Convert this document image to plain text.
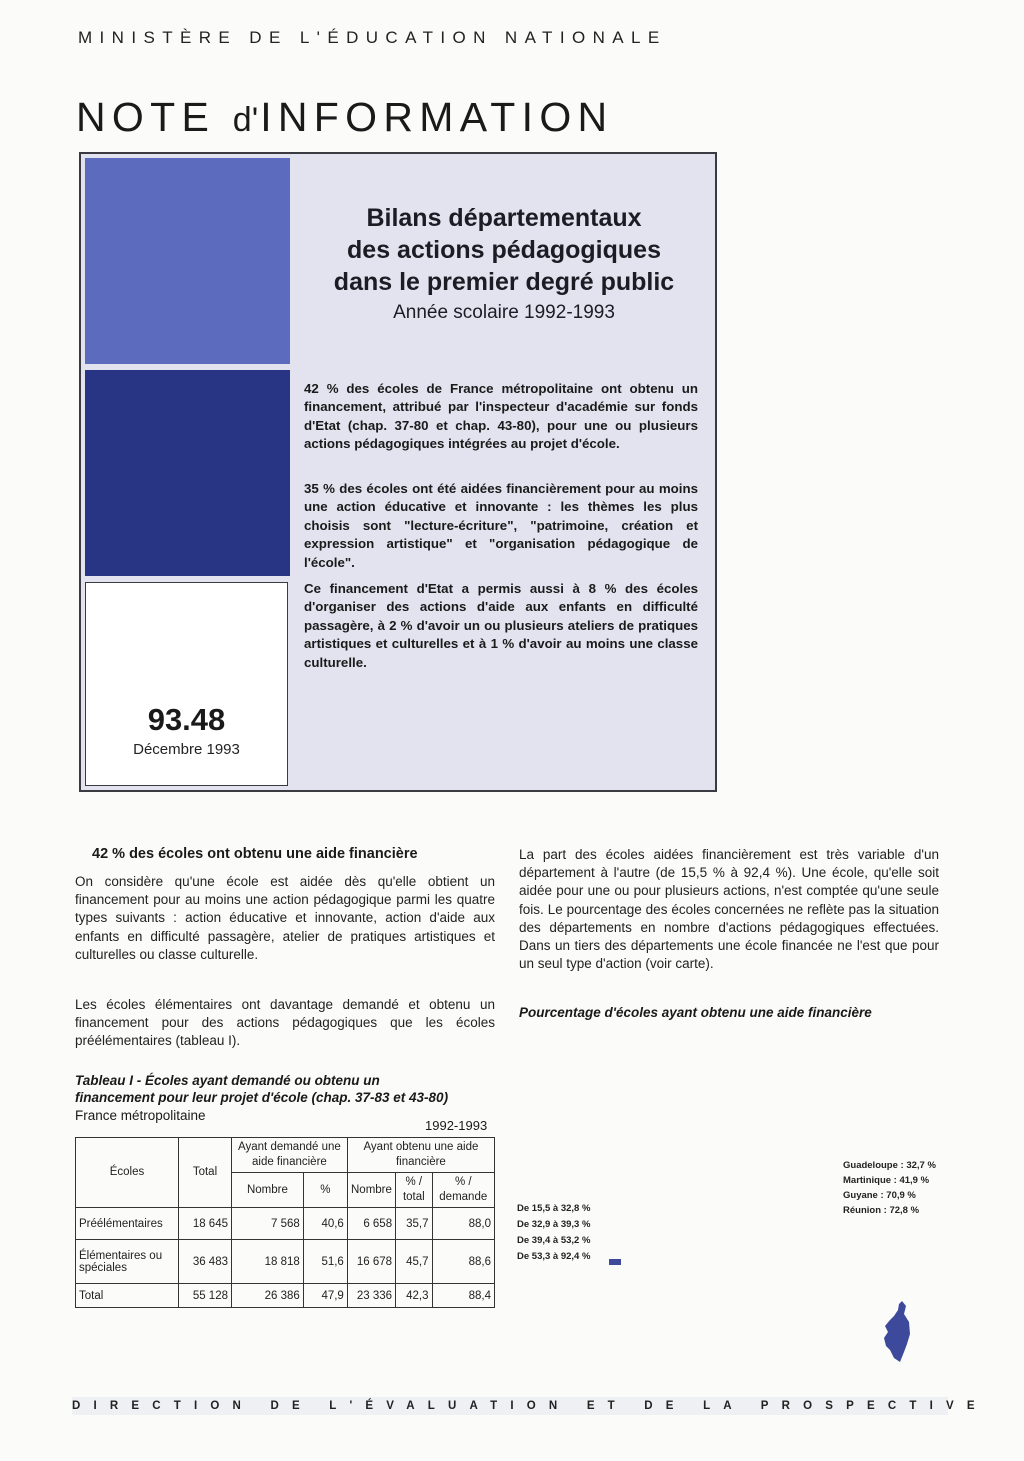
MINISTÈRE DE L'ÉDUCATION NATIONALE
NOTE d'INFORMATION
93.48
Décembre 1993
Bilans départementaux
des actions pédagogiques
dans le premier degré public
Année scolaire 1992-1993
42 % des écoles de France métropolitaine ont obtenu un financement, attribué par l'inspecteur d'académie sur fonds d'Etat (chap. 37-80 et chap. 43-80), pour une ou plusieurs actions pédagogiques intégrées au projet d'école.
35 % des écoles ont été aidées financièrement pour au moins une action éducative et innovante : les thèmes les plus choisis sont "lecture-écriture", "patrimoine, création et expression artistique" et "organisation pédagogique de l'école".
Ce financement d'Etat a permis aussi à 8 % des écoles d'organiser des actions d'aide aux enfants en difficulté passagère, à 2 % d'avoir un ou plusieurs ateliers de pratiques artistiques et culturelles et à 1 % d'avoir au moins une classe culturelle.
42 % des écoles ont obtenu une aide financière
On considère qu'une école est aidée dès qu'elle obtient un financement pour au moins une action pédagogique parmi les quatre types suivants : action éducative et innovante, action d'aide aux enfants en difficulté passagère, atelier de pratiques artistiques et culturelles ou classe culturelle.
Les écoles élémentaires ont davantage demandé et obtenu un financement pour des actions pédagogiques que les écoles préélémentaires (tableau I).
Tableau I - Écoles ayant demandé ou obtenu un
financement pour leur projet d'école (chap. 37-83 et 43-80)
France métropolitaine
1992-1993
Écoles	Total	Ayant demandé une aide financière		Ayant obtenu une aide financière		
		Nombre	%	Nombre	% / total	% / demande
Préélémentaires	18 645	7 568	40,6	6 658	35,7	88,0
Élémentaires ou spéciales	36 483	18 818	51,6	16 678	45,7	88,6
Total	55 128	26 386	47,9	23 336	42,3	88,4
La part des écoles aidées financièrement est très variable d'un département à l'autre (de 15,5 % à 92,4 %). Une école, qu'elle soit aidée pour une ou pour plusieurs actions, n'est comptée qu'une seule fois. Le pourcentage des écoles concernées ne reflète pas la situation des départements en nombre d'actions pédagogiques effectuées. Dans un tiers des départements une école financée ne l'est que pour un seul type d'action (voir carte).
Pourcentage d'écoles ayant obtenu une aide financière
De 15,5 à 32,8 %
De 32,9 à 39,3 %
De 39,4 à 53,2 %
De 53,3 à 92,4 %
Guadeloupe : 32,7 %
Martinique : 41,9 %
Guyane : 70,9 %
Réunion : 72,8 %
DIRECTION DE L'ÉVALUATION ET DE LA PROSPECTIVE
